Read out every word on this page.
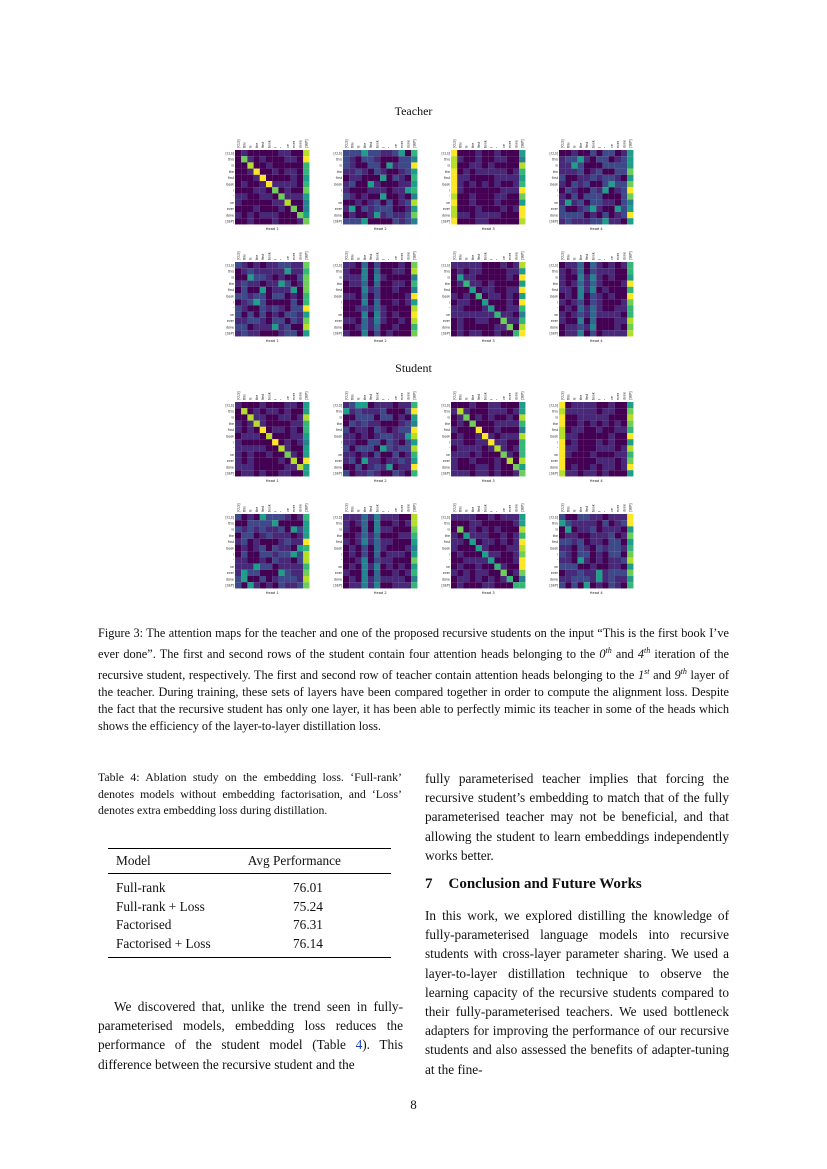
Teacher
Student
[CLS] this is the first book i ' ve ever done [SEP]
[CLS]
this
is
the
first
book
i
'
ve
ever
done
[SEP]
Head 1
[CLS] this is the first book i ' ve ever done [SEP]
[CLS]
this
is
the
first
book
i
'
ve
ever
done
[SEP]
Head 2
[CLS] this is the first book i ' ve ever done [SEP]
[CLS]
this
is
the
first
book
i
'
ve
ever
done
[SEP]
Head 3
[CLS] this is the first book i ' ve ever done [SEP]
[CLS]
this
is
the
first
book
i
'
ve
ever
done
[SEP]
Head 4
[CLS] this is the first book i ' ve ever done [SEP]
[CLS]
this
is
the
first
book
i
'
ve
ever
done
[SEP]
Head 1
[CLS] this is the first book i ' ve ever done [SEP]
[CLS]
this
is
the
first
book
i
'
ve
ever
done
[SEP]
Head 2
[CLS] this is the first book i ' ve ever done [SEP]
[CLS]
this
is
the
first
book
i
'
ve
ever
done
[SEP]
Head 3
[CLS] this is the first book i ' ve ever done [SEP]
[CLS]
this
is
the
first
book
i
'
ve
ever
done
[SEP]
Head 4
[CLS] this is the first book i ' ve ever done [SEP]
[CLS]
this
is
the
first
book
i
'
ve
ever
done
[SEP]
Head 1
[CLS] this is the first book i ' ve ever done [SEP]
[CLS]
this
is
the
first
book
i
'
ve
ever
done
[SEP]
Head 2
[CLS] this is the first book i ' ve ever done [SEP]
[CLS]
this
is
the
first
book
i
'
ve
ever
done
[SEP]
Head 3
[CLS] this is the first book i ' ve ever done [SEP]
[CLS]
this
is
the
first
book
i
'
ve
ever
done
[SEP]
Head 4
[CLS] this is the first book i ' ve ever done [SEP]
[CLS]
this
is
the
first
book
i
'
ve
ever
done
[SEP]
Head 1
[CLS] this is the first book i ' ve ever done [SEP]
[CLS]
this
is
the
first
book
i
'
ve
ever
done
[SEP]
Head 2
[CLS] this is the first book i ' ve ever done [SEP]
[CLS]
this
is
the
first
book
i
'
ve
ever
done
[SEP]
Head 3
[CLS] this is the first book i ' ve ever done [SEP]
[CLS]
this
is
the
first
book
i
'
ve
ever
done
[SEP]
Head 4
Figure 3: The attention maps for the teacher and one of the proposed recursive students on the input “This is the first book I’ve ever done”. The first and second rows of the student contain four attention heads belonging to the 0th and 4th iteration of the recursive student, respectively. The first and second row of teacher contain attention heads belonging to the 1st and 9th layer of the teacher. During training, these sets of layers have been compared together in order to compute the alignment loss. Despite the fact that the recursive student has only one layer, it has been able to perfectly mimic its teacher in some of the heads which shows the efficiency of the layer-to-layer distillation loss.
Table 4: Ablation study on the embedding loss. ‘Full-rank’ denotes models without embedding factorisation, and ‘Loss’ denotes extra embedding loss during distillation.
Model	Avg Performance
Full-rank	76.01
Full-rank + Loss	75.24
Factorised	76.31
Factorised + Loss	76.14
We discovered that, unlike the trend seen in fully-parameterised models, embedding loss reduces the performance of the student model (Table 4). This difference between the recursive student and the
fully parameterised teacher implies that forcing the recursive student’s embedding to match that of the fully parameterised teacher may not be beneficial, and that allowing the student to learn embeddings independently works better.
7 Conclusion and Future Works
In this work, we explored distilling the knowledge of fully-parameterised language models into recursive students with cross-layer parameter sharing. We used a layer-to-layer distillation technique to observe the learning capacity of the recursive students compared to their fully-parameterised teachers. We used bottleneck adapters for improving the performance of our recursive students and also assessed the benefits of adapter-tuning at the fine-
8
